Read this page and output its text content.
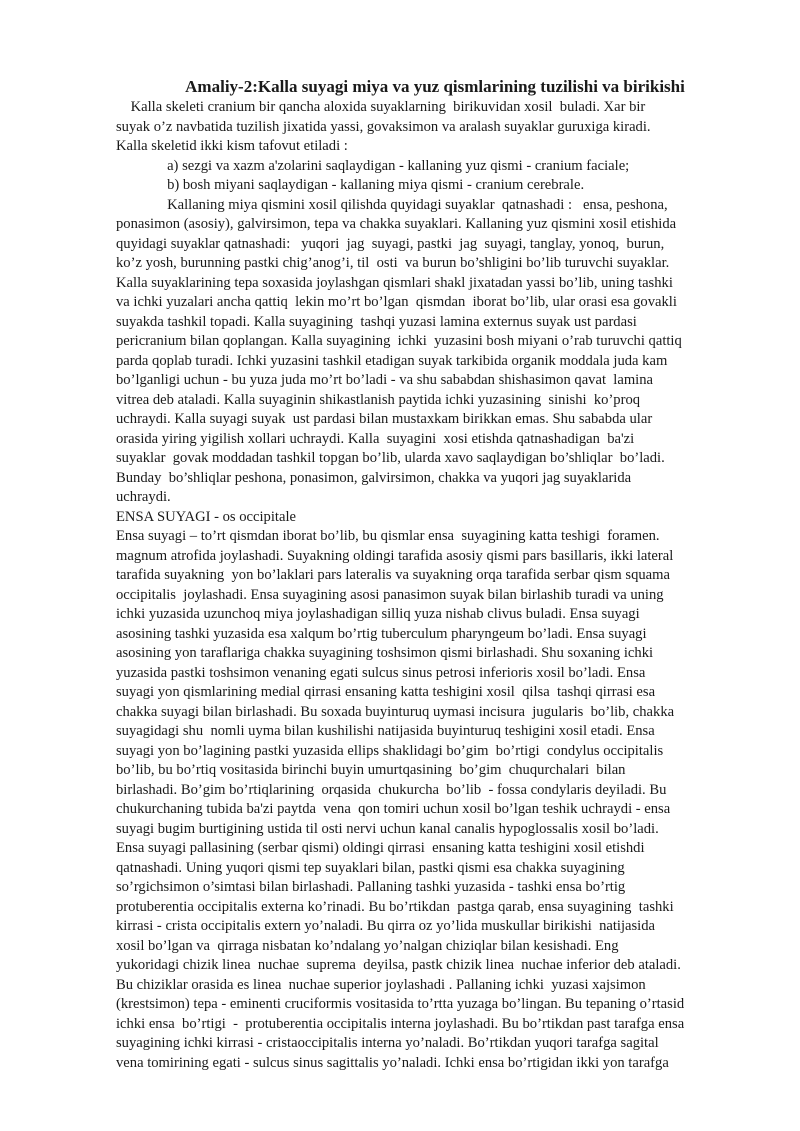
Amaliy-2:Kalla suyagi miya va yuz qismlarining tuzilishi va birikishi

Kalla skeleti cranium bir qancha aloxida suyaklarning  birikuvidan xosil  buladi. Xar bir

suyak o’z navbatida tuzilish jixatida yassi, govaksimon va aralash suyaklar guruxiga kiradi.

Kalla skeletid ikki kism tafovut etiladi :

a) sezgi va xazm a'zolarini saqlaydigan - kallaning yuz qismi - cranium faciale;

b) bosh miyani saqlaydigan - kallaning miya qismi - cranium cerebrale.

Kallaning miya qismini xosil qilishda quyidagi suyaklar  qatnashadi :   ensa, peshona,

ponasimon (asosiy), galvirsimon, tepa va chakka suyaklari. Kallaning yuz qismini xosil etishida

quyidagi suyaklar qatnashadi:   yuqori  jag  suyagi, pastki  jag  suyagi, tanglay, yonoq,  burun,

ko’z yosh, burunning pastki chig’anog’i, til  osti  va burun bo’shligini bo’lib turuvchi suyaklar.

Kalla suyaklarining tepa soxasida joylashgan qismlari shakl jixatadan yassi bo’lib, uning tashki

va ichki yuzalari ancha qattiq  lekin mo’rt bo’lgan  qismdan  iborat bo’lib, ular orasi esa govakli

suyakda tashkil topadi. Kalla suyagining  tashqi yuzasi lamina externus suyak ust pardasi

pericranium bilan qoplangan. Kalla suyagining  ichki  yuzasini bosh miyani o’rab turuvchi qattiq

parda qoplab turadi. Ichki yuzasini tashkil etadigan suyak tarkibida organik moddala juda kam

bo’lganligi uchun - bu yuza juda mo’rt bo’ladi - va shu sababdan shishasimon qavat  lamina

vitrea deb ataladi. Kalla suyaginin shikastlanish paytida ichki yuzasining  sinishi  ko’proq

uchraydi. Kalla suyagi suyak  ust pardasi bilan mustaxkam birikkan emas. Shu sababda ular

orasida yiring yigilish xollari uchraydi. Kalla  suyagini  xosi etishda qatnashadigan  ba'zi

suyaklar  govak moddadan tashkil topgan bo’lib, ularda xavo saqlaydigan bo’shliqlar  bo’ladi.

Bunday  bo’shliqlar peshona, ponasimon, galvirsimon, chakka va yuqori jag suyaklarida

uchraydi.

ENSA SUYAGI - os occipitale

Ensa suyagi – to’rt qismdan iborat bo’lib, bu qismlar ensa  suyagining katta teshigi  foramen.

magnum atrofida joylashadi. Suyakning oldingi tarafida asosiy qismi pars basillaris, ikki lateral

tarafida suyakning  yon bo’laklari pars lateralis va suyakning orqa tarafida serbar qism squama

occipitalis  joylashadi. Ensa suyagining asosi panasimon suyak bilan birlashib turadi va uning

ichki yuzasida uzunchoq miya joylashadigan silliq yuza nishab clivus buladi. Ensa suyagi

asosining tashki yuzasida esa xalqum bo’rtig tuberculum pharyngeum bo’ladi. Ensa suyagi

asosining yon taraflariga chakka suyagining toshsimon qismi birlashadi. Shu soxaning ichki

yuzasida pastki toshsimon venaning egati sulcus sinus petrosi inferioris xosil bo’ladi. Ensa

suyagi yon qismlarining medial qirrasi ensaning katta teshigini xosil  qilsa  tashqi qirrasi esa

chakka suyagi bilan birlashadi. Bu soxada buyinturuq uymasi incisura  jugularis  bo’lib, chakka

suyagidagi shu  nomli uyma bilan kushilishi natijasida buyinturuq teshigini xosil etadi. Ensa

suyagi yon bo’lagining pastki yuzasida ellips shaklidagi bo’gim  bo’rtigi  condylus occipitalis

bo’lib, bu bo’rtiq vositasida birinchi buyin umurtqasining  bo’gim  chuqurchalari  bilan

birlashadi. Bo’gim bo’rtiqlarining  orqasida  chukurcha  bo’lib  - fossa condylaris deyiladi. Bu

chukurchaning tubida ba'zi paytda  vena  qon tomiri uchun xosil bo’lgan teshik uchraydi - ensa

suyagi bugim burtigining ustida til osti nervi uchun kanal canalis hypoglossalis xosil bo’ladi.

Ensa suyagi pallasining (serbar qismi) oldingi qirrasi  ensaning katta teshigini xosil etishdi

qatnashadi. Uning yuqori qismi tep suyaklari bilan, pastki qismi esa chakka suyagining

so’rgichsimon o’simtasi bilan birlashadi. Pallaning tashki yuzasida - tashki ensa bo’rtig

protuberentia occipitalis externa ko’rinadi. Bu bo’rtikdan  pastga qarab, ensa suyagining  tashki

kirrasi - crista occipitalis extern yo’naladi. Bu qirra oz yo’lida muskullar birikishi  natijasida

xosil bo’lgan va  qirraga nisbatan ko’ndalang yo’nalgan chiziqlar bilan kesishadi. Eng

yukoridagi chizik linea  nuchae  suprema  deyilsa, pastk chizik linea  nuchae inferior deb ataladi.

Bu chiziklar orasida es linea  nuchae superior joylashadi . Pallaning ichki  yuzasi xajsimon

(krestsimon) tepa - eminenti cruciformis vositasida to’rtta yuzaga bo’lingan. Bu tepaning o’rtasid

ichki ensa  bo’rtigi  -  protuberentia occipitalis interna joylashadi. Bu bo’rtikdan past tarafga ensa

suyagining ichki kirrasi - cristaoccipitalis interna yo’naladi. Bo’rtikdan yuqori tarafga sagital

vena tomirining egati - sulcus sinus sagittalis yo’naladi. Ichki ensa bo’rtigidan ikki yon tarafga
